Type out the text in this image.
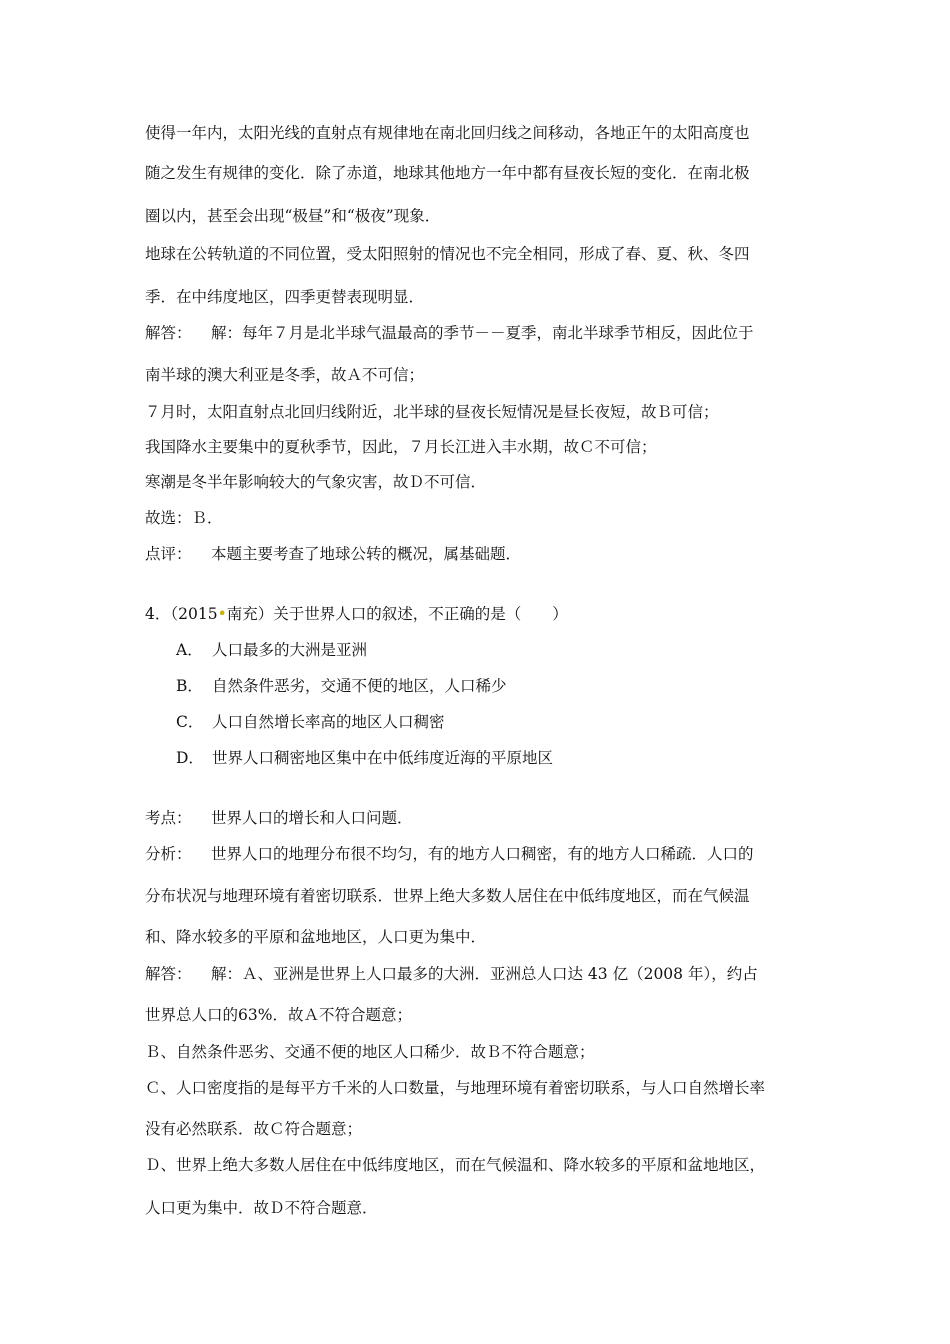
使得一年内，太阳光线的直射点有规律地在南北回归线之间移动，各地正午的太阳高度也
随之发生有规律的变化．除了赤道，地球其他地方一年中都有昼夜长短的变化．在南北极
圈以内，甚至会出现“极昼”和“极夜”现象．
地球在公转轨道的不同位置，受太阳照射的情况也不完全相同，形成了春、夏、秋、冬四
季．在中纬度地区，四季更替表现明显．
解答： 解：每年７月是北半球气温最高的季节－－夏季，南北半球季节相反，因此位于
南半球的澳大利亚是冬季，故Ａ不可信；
７月时，太阳直射点北回归线附近，北半球的昼夜长短情况是昼长夜短，故Ｂ可信；
我国降水主要集中的夏秋季节，因此，７月长江进入丰水期，故Ｃ不可信；
寒潮是冬半年影响较大的气象灾害，故Ｄ不可信．
故选：Ｂ．
点评： 本题主要考查了地球公转的概况，属基础题．
4．（2015•南充）关于世界人口的叙述，不正确的是（　　）
A． 人口最多的大洲是亚洲
B． 自然条件恶劣，交通不便的地区，人口稀少
C． 人口自然增长率高的地区人口稠密
D． 世界人口稠密地区集中在中低纬度近海的平原地区
考点： 世界人口的增长和人口问题．
分析： 世界人口的地理分布很不均匀，有的地方人口稠密，有的地方人口稀疏．人口的
分布状况与地理环境有着密切联系．世界上绝大多数人居住在中低纬度地区，而在气候温
和、降水较多的平原和盆地地区，人口更为集中．
解答： 解：Ａ、亚洲是世界上人口最多的大洲．亚洲总人口达 43 亿（2008 年），约占
世界总人口的63%．故Ａ不符合题意；
Ｂ、自然条件恶劣、交通不便的地区人口稀少．故Ｂ不符合题意；
Ｃ、人口密度指的是每平方千米的人口数量，与地理环境有着密切联系，与人口自然增长率
没有必然联系．故Ｃ符合题意；
Ｄ、世界上绝大多数人居住在中低纬度地区，而在气候温和、降水较多的平原和盆地地区，
人口更为集中．故Ｄ不符合题意．
